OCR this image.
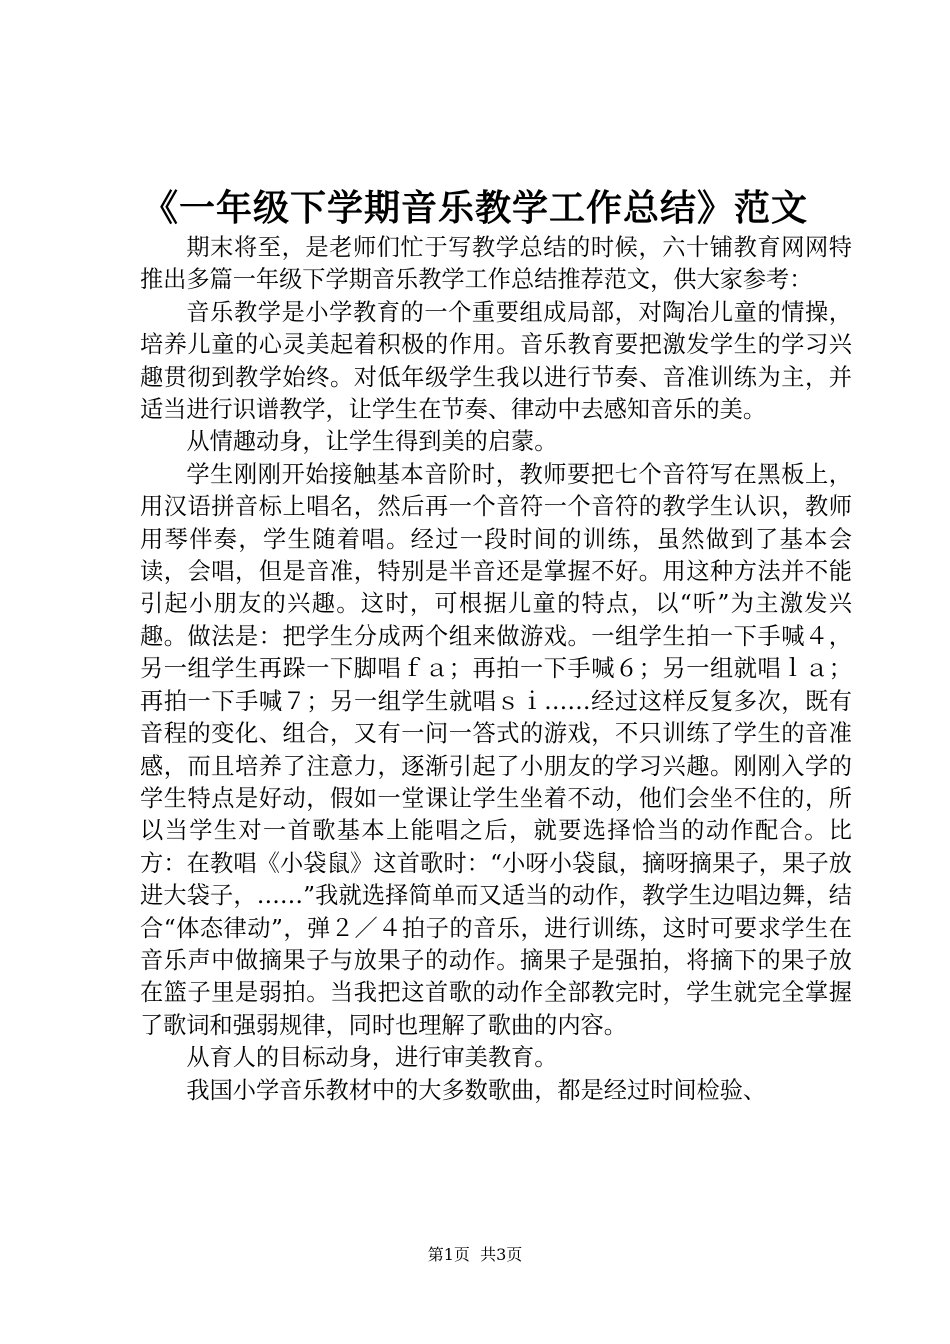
《一年级下学期音乐教学工作总结》范文

期末将至，是老师们忙于写教学总结的时候，六十铺教育网网特推出多篇一年级下学期音乐教学工作总结推荐范文，供大家参考：

音乐教学是小学教育的一个重要组成局部，对陶冶儿童的情操，培养儿童的心灵美起着积极的作用。音乐教育要把激发学生的学习兴趣贯彻到教学始终。对低年级学生我以进行节奏、音准训练为主，并适当进行识谱教学，让学生在节奏、律动中去感知音乐的美。

从情趣动身，让学生得到美的启蒙。

学生刚刚开始接触基本音阶时，教师要把七个音符写在黑板上，用汉语拼音标上唱名，然后再一个音符一个音符的教学生认识，教师用琴伴奏，学生随着唱。经过一段时间的训练，虽然做到了基本会读，会唱，但是音准，特别是半音还是掌握不好。用这种方法并不能引起小朋友的兴趣。这时，可根据儿童的特点，以“听”为主激发兴趣。做法是：把学生分成两个组来做游戏。一组学生拍一下手喊４，另一组学生再跺一下脚唱ｆａ；再拍一下手喊６；另一组就唱ｌａ；再拍一下手喊７；另一组学生就唱ｓｉ……经过这样反复多次，既有音程的变化、组合，又有一问一答式的游戏，不只训练了学生的音准感，而且培养了注意力，逐渐引起了小朋友的学习兴趣。刚刚入学的学生特点是好动，假如一堂课让学生坐着不动，他们会坐不住的，所以当学生对一首歌基本上能唱之后，就要选择恰当的动作配合。比方：在教唱《小袋鼠》这首歌时：“小呀小袋鼠，摘呀摘果子，果子放进大袋子，……”我就选择简单而又适当的动作，教学生边唱边舞，结合“体态律动”，弹２／４拍子的音乐，进行训练，这时可要求学生在音乐声中做摘果子与放果子的动作。摘果子是强拍，将摘下的果子放在篮子里是弱拍。当我把这首歌的动作全部教完时，学生就完全掌握了歌词和强弱规律，同时也理解了歌曲的内容。

从育人的目标动身，进行审美教育。

我国小学音乐教材中的大多数歌曲，都是经过时间检验、

第1页 共3页
